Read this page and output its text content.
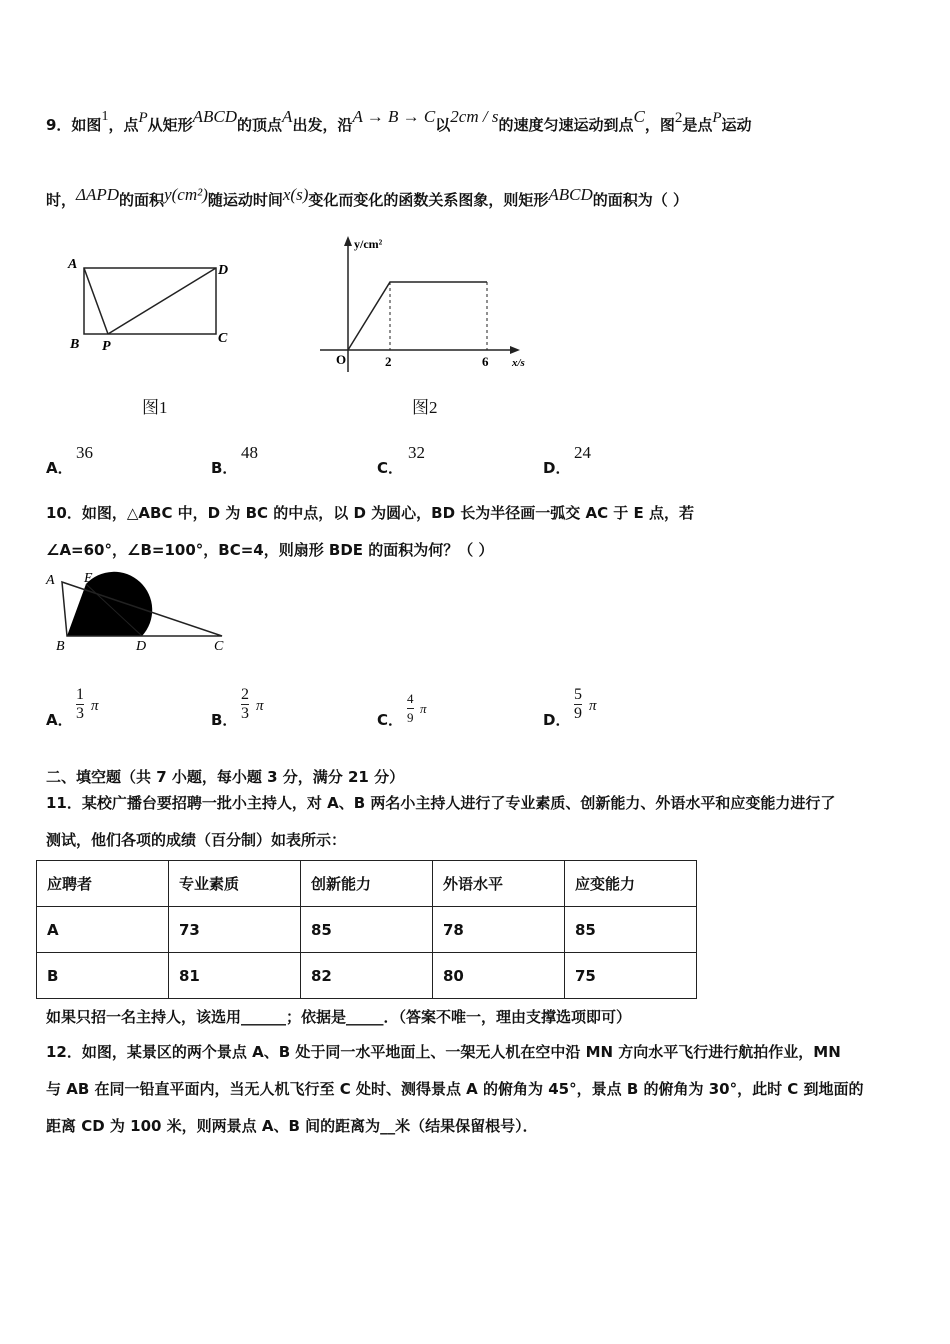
9．如图1，点P从矩形ABCD的顶点A出发，沿A → B → C以2cm / s的速度匀速运动到点C，图2是点P运动
时，ΔAPD的面积y(cm²)随运动时间x(s)变化而变化的函数关系图象，则矩形ABCD的面积为（ ）
A	D
B P
C
图1
y/cm²
O	2	6 x/s
图2
A．
36
B．
48
C．
32
D．
24
10．如图，△ABC 中，D 为 BC 的中点，以 D 为圆心，BD 长为半径画一弧交 AC 于 E 点，若
∠A=60°，∠B=100°，BC=4，则扇形 BDE 的面积为何？（ ）
A E
B	D	C
A． $\frac{1}{3}$ π
B． $\frac{2}{3}$ π
C． $\frac{4}{9}$ π
D． $\frac{5}{9}$ π
二、填空题（共 7 小题，每小题 3 分，满分 21 分）
11．某校广播台要招聘一批小主持人，对 A、B 两名小主持人进行了专业素质、创新能力、外语水平和应变能力进行了
测试，他们各项的成绩（百分制）如表所示：
应聘者	专业素质	创新能力	外语水平	应变能力
A	73	85	78	85
B	81	82	80	75
如果只招一名主持人，该选用______；依据是_____．（答案不唯一，理由支撑选项即可）
12．如图，某景区的两个景点 A、B 处于同一水平地面上、一架无人机在空中沿 MN 方向水平飞行进行航拍作业，MN
与 AB 在同一铅直平面内，当无人机飞行至 C 处时、测得景点 A 的俯角为 45°，景点 B 的俯角为 30°，此时 C 到地面的
距离 CD 为 100 米，则两景点 A、B 间的距离为__米（结果保留根号）．
